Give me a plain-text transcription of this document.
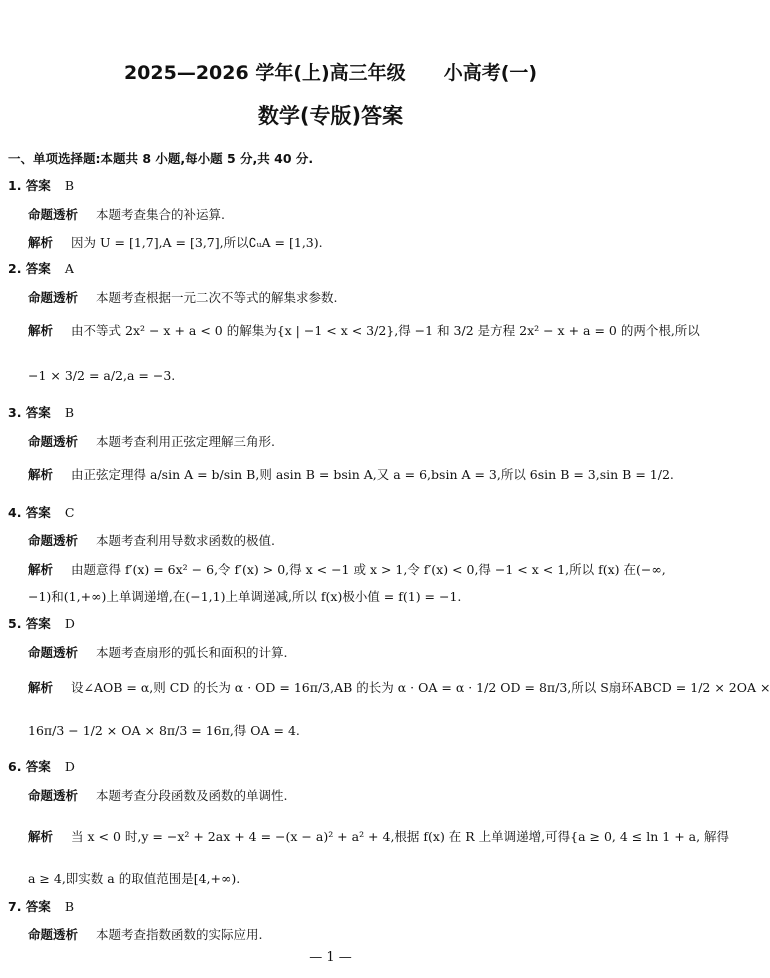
2025—2026 学年(上)高三年级 小高考(一)
数学(专版)答案
一、单项选择题:本题共 8 小题,每小题 5 分,共 40 分.
1. 答案 B
命题透析 本题考查集合的补运算.
解析 因为 U = [1,7],A = [3,7],所以∁ᵤA = [1,3).
2. 答案 A
命题透析 本题考查根据一元二次不等式的解集求参数.
解析 由不等式 2x² − x + a < 0 的解集为{x | −1 < x < 3/2},得 −1 和 3/2 是方程 2x² − x + a = 0 的两个根,所以
−1 × 3/2 = a/2,a = −3.
3. 答案 B
命题透析 本题考查利用正弦定理解三角形.
解析 由正弦定理得 a/sin A = b/sin B,则 asin B = bsin A,又 a = 6,bsin A = 3,所以 6sin B = 3,sin B = 1/2.
4. 答案 C
命题透析 本题考查利用导数求函数的极值.
解析 由题意得 f′(x) = 6x² − 6,令 f′(x) > 0,得 x < −1 或 x > 1,令 f′(x) < 0,得 −1 < x < 1,所以 f(x) 在(−∞,
−1)和(1,+∞)上单调递增,在(−1,1)上单调递减,所以 f(x)极小值 = f(1) = −1.
5. 答案 D
命题透析 本题考查扇形的弧长和面积的计算.
解析 设∠AOB = α,则 CD 的长为 α · OD = 16π/3,AB 的长为 α · OA = α · 1/2 OD = 8π/3,所以 S扇环ABCD = 1/2 × 2OA ×
16π/3 − 1/2 × OA × 8π/3 = 16π,得 OA = 4.
6. 答案 D
命题透析 本题考查分段函数及函数的单调性.
解析 当 x < 0 时,y = −x² + 2ax + 4 = −(x − a)² + a² + 4,根据 f(x) 在 R 上单调递增,可得{a ≥ 0, 4 ≤ ln 1 + a, 解得
a ≥ 4,即实数 a 的取值范围是[4,+∞).
7. 答案 B
命题透析 本题考查指数函数的实际应用.
— 1 —
